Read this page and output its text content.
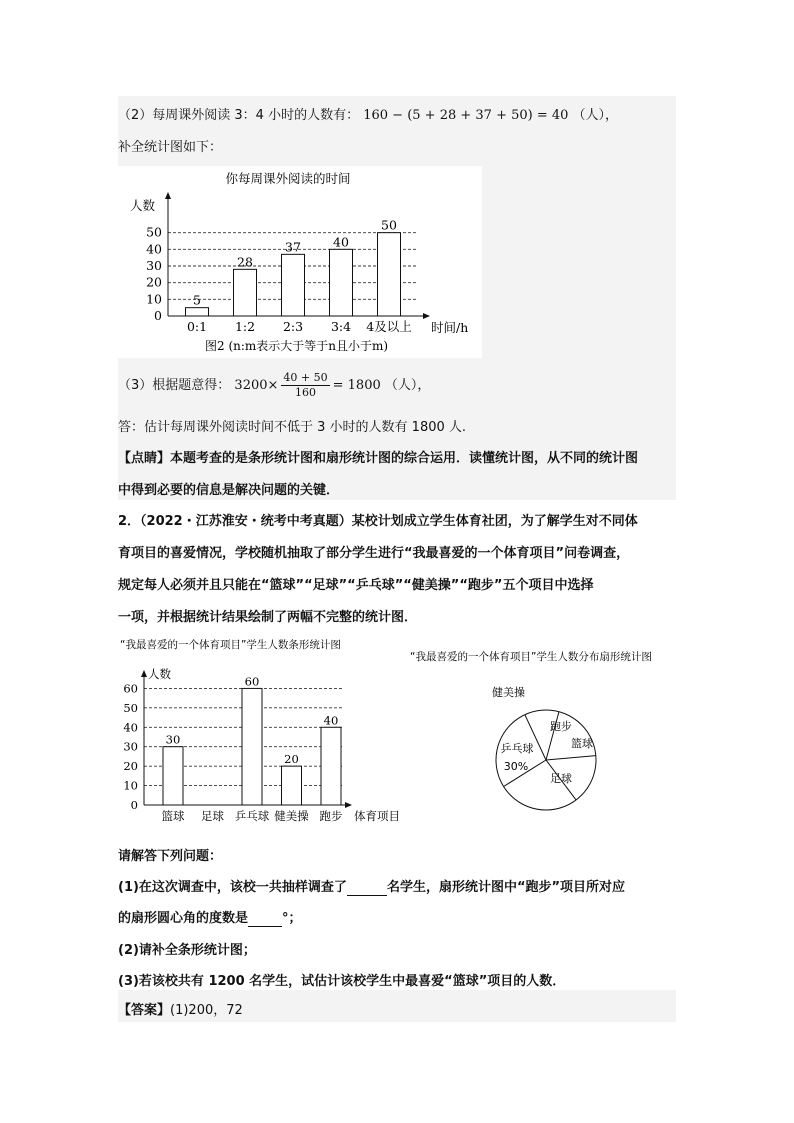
（2）每周课外阅读 3：4 小时的人数有： 160 − (5 + 28 + 37 + 50) = 40 （人），
补全统计图如下：
你每周课外阅读的时间
人数
5
28
37	40
50
0
10
20
30
40
50
0:1 1:2 2:3 3:4 4及以上 时间/h
图2 (n:m表示大于等于n且小于m)
（3）根据题意得： $3200\times \frac{40 + 50}{160} = 1800$ （人），
答：估计每周课外阅读时间不低于 3 小时的人数有 1800 人.
【点睛】本题考查的是条形统计图和扇形统计图的综合运用．读懂统计图，从不同的统计图
中得到必要的信息是解决问题的关键．
2．（2022・江苏淮安・统考中考真题）某校计划成立学生体育社团，为了解学生对不同体
育项目的喜爱情况，学校随机抽取了部分学生进行“我最喜爱的一个体育项目”问卷调查，
规定每人必须并且只能在“篮球”“足球”“乒乓球”“健美操”“跑步”五个项目中选择
一项，并根据统计结果绘制了两幅不完整的统计图．
“我最喜爱的一个体育项目”学生人数条形统计图
人数
30
60
20
40
0
10
20
30
40
50
60
篮球 足球 乒乓球 健美操 跑步 体育项目
“我最喜爱的一个体育项目”学生人数分布扇形统计图
健美操
跑步
篮球
足球
乒乓球
30%
请解答下列问题：
(1)在这次调查中，该校一共抽样调查了	名学生，扇形统计图中“跑步”项目所对应
的扇形圆心角的度数是	°；
(2)请补全条形统计图；
(3)若该校共有 1200 名学生，试估计该校学生中最喜爱“篮球”项目的人数．
【答案】(1)200，72
